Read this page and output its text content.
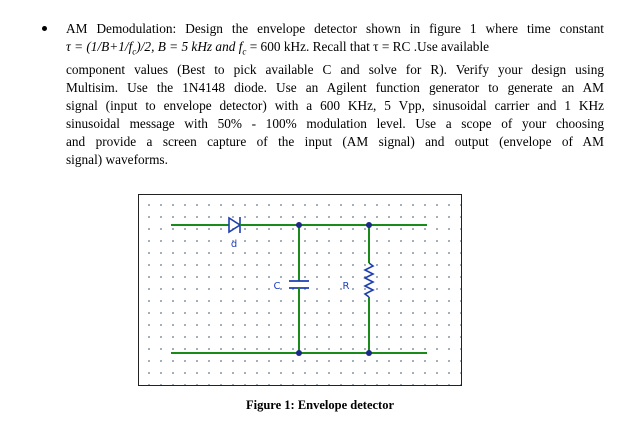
AM Demodulation: Design the envelope detector shown in figure 1 where time constant
$\tau = (1/B+1/f_c)/2$, B = 5 kHz and $f_c = 600$ kHz. Recall that τ = RC .Use available
component values (Best to pick available C and solve for R). Verify your design using
Multisim. Use the 1N4148 diode. Use an Agilent function generator to generate an AM
signal (input to envelope detector) with a 600 KHz, 5 Vpp, sinusoidal carrier and 1 KHz
sinusoidal message with 50% - 100% modulation level. Use a scope of your choosing
and provide a screen capture of the input (AM signal) and output (envelope of AM
signal) waveforms.
d
C	R
Figure 1: Envelope detector
